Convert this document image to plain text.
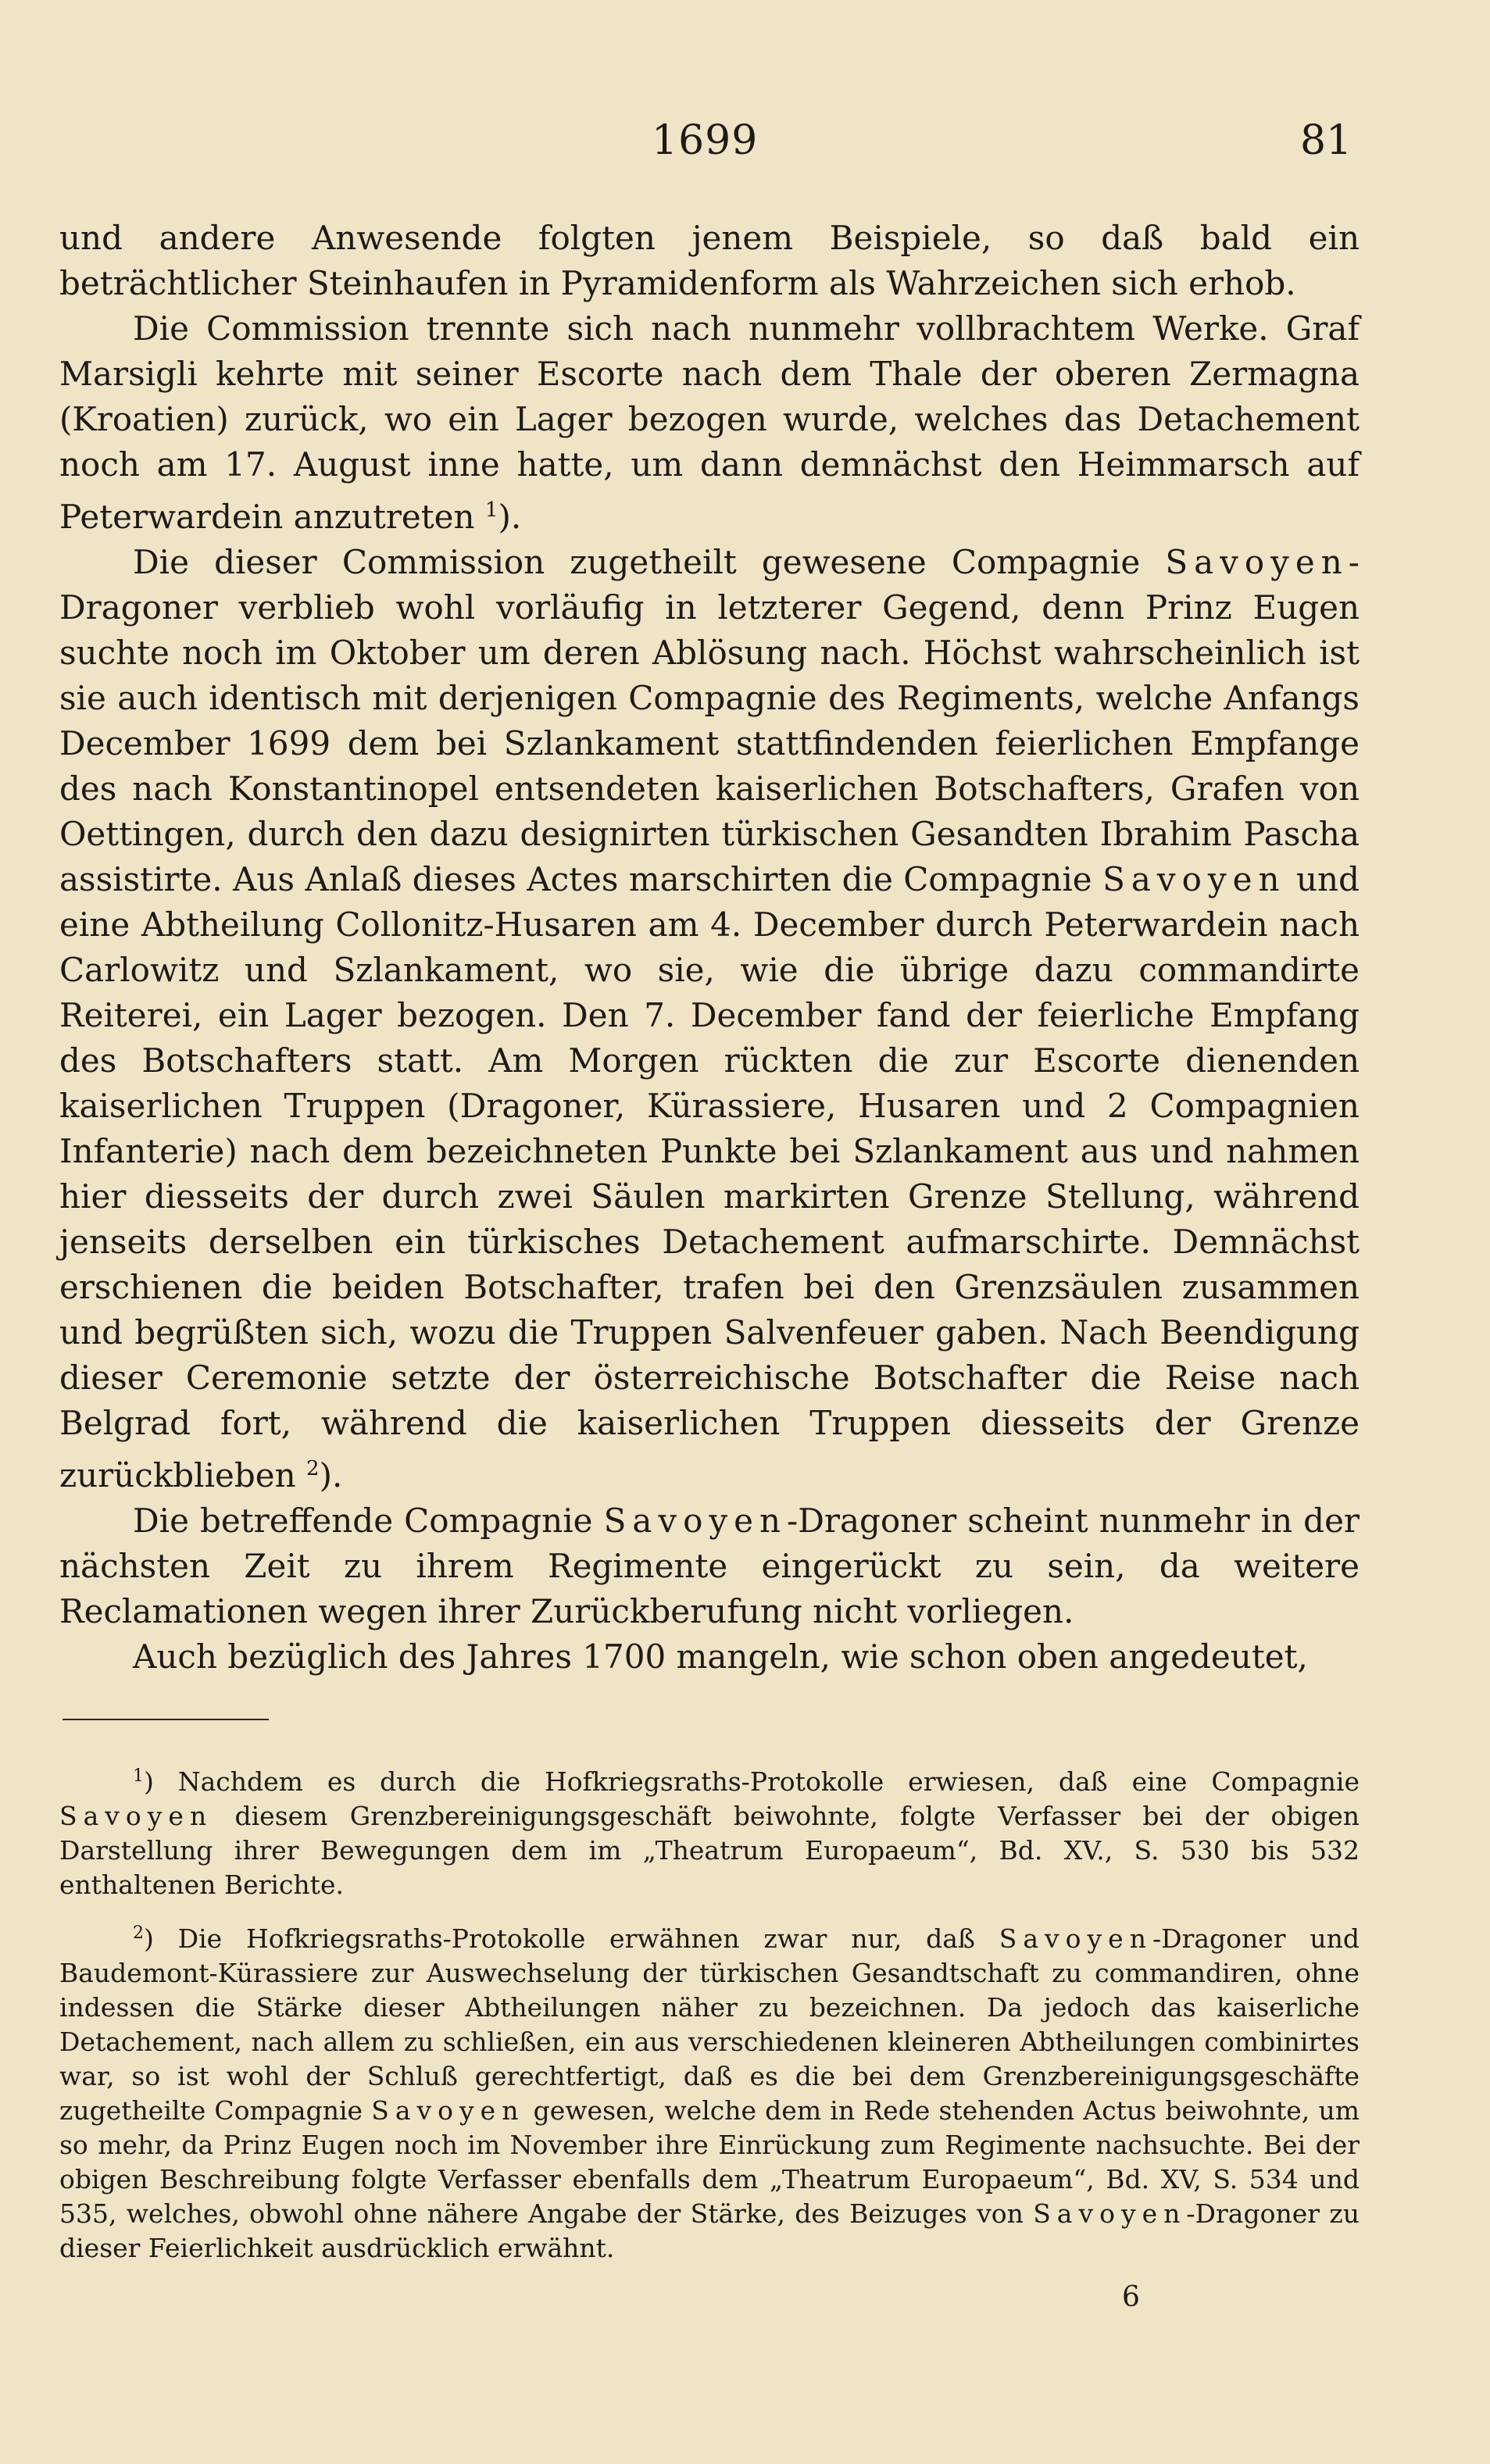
1699	81

und andere Anwesende folgten jenem Beispiele, so daß bald ein beträchtlicher Steinhaufen in Pyramidenform als Wahrzeichen sich erhob.

Die Commission trennte sich nach nunmehr vollbrachtem Werke. Graf Marsigli kehrte mit seiner Escorte nach dem Thale der oberen Zermagna (Kroatien) zurück, wo ein Lager bezogen wurde, welches das Detachement noch am 17. August inne hatte, um dann demnächst den Heimmarsch auf Peterwardein anzutreten $^1$).

Die dieser Commission zugetheilt gewesene Compagnie Savoyen-Dragoner verblieb wohl vorläufig in letzterer Gegend, denn Prinz Eugen suchte noch im Oktober um deren Ablösung nach. Höchst wahrscheinlich ist sie auch identisch mit derjenigen Compagnie des Regiments, welche Anfangs December 1699 dem bei Szlankament stattfindenden feierlichen Empfange des nach Konstantinopel entsendeten kaiserlichen Botschafters, Grafen von Oettingen, durch den dazu designirten türkischen Gesandten Ibrahim Pascha assistirte. Aus Anlaß dieses Actes marschirten die Compagnie Savoyen und eine Abtheilung Collonitz-Husaren am 4. December durch Peterwardein nach Carlowitz und Szlankament, wo sie, wie die übrige dazu commandirte Reiterei, ein Lager bezogen. Den 7. December fand der feierliche Empfang des Botschafters statt. Am Morgen rückten die zur Escorte dienenden kaiserlichen Truppen (Dragoner, Kürassiere, Husaren und 2 Compagnien Infanterie) nach dem bezeichneten Punkte bei Szlankament aus und nahmen hier diesseits der durch zwei Säulen markirten Grenze Stellung, während jenseits derselben ein türkisches Detachement aufmarschirte. Demnächst erschienen die beiden Botschafter, trafen bei den Grenzsäulen zusammen und begrüßten sich, wozu die Truppen Salvenfeuer gaben. Nach Beendigung dieser Ceremonie setzte der österreichische Botschafter die Reise nach Belgrad fort, während die kaiserlichen Truppen diesseits der Grenze zurückblieben $^2$).

Die betreffende Compagnie Savoyen-Dragoner scheint nunmehr in der nächsten Zeit zu ihrem Regimente eingerückt zu sein, da weitere Reclamationen wegen ihrer Zurückberufung nicht vorliegen.

Auch bezüglich des Jahres 1700 mangeln, wie schon oben angedeutet,

$^1$) Nachdem es durch die Hofkriegsraths-Protokolle erwiesen, daß eine Compagnie Savoyen diesem Grenzbereinigungsgeschäft beiwohnte, folgte Verfasser bei der obigen Darstellung ihrer Bewegungen dem im „Theatrum Europaeum“, Bd. XV., S. 530 bis 532 enthaltenen Berichte.

$^2$) Die Hofkriegsraths-Protokolle erwähnen zwar nur, daß Savoyen-Dragoner und Baudemont-Kürassiere zur Auswechselung der türkischen Gesandtschaft zu commandiren, ohne indessen die Stärke dieser Abtheilungen näher zu bezeichnen. Da jedoch das kaiserliche Detachement, nach allem zu schließen, ein aus verschiedenen kleineren Abtheilungen combinirtes war, so ist wohl der Schluß gerechtfertigt, daß es die bei dem Grenzbereinigungsgeschäfte zugetheilte Compagnie Savoyen gewesen, welche dem in Rede stehenden Actus beiwohnte, um so mehr, da Prinz Eugen noch im November ihre Einrückung zum Regimente nachsuchte. Bei der obigen Beschreibung folgte Verfasser ebenfalls dem „Theatrum Europaeum“, Bd. XV, S. 534 und 535, welches, obwohl ohne nähere Angabe der Stärke, des Beizuges von Savoyen-Dragoner zu dieser Feierlichkeit ausdrücklich erwähnt.

6
